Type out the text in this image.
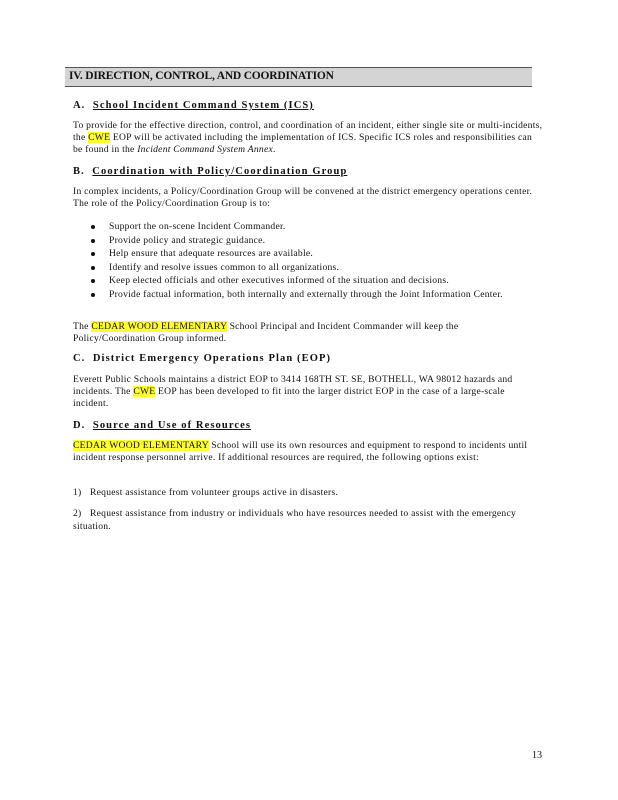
IV. DIRECTION, CONTROL, AND COORDINATION
A. School Incident Command System (ICS)
To provide for the effective direction, control, and coordination of an incident, either single site or multi-incidents, the CWE EOP will be activated including the implementation of ICS. Specific ICS roles and responsibilities can be found in the Incident Command System Annex.
B. Coordination with Policy/Coordination Group
In complex incidents, a Policy/Coordination Group will be convened at the district emergency operations center. The role of the Policy/Coordination Group is to:
Support the on-scene Incident Commander.
Provide policy and strategic guidance.
Help ensure that adequate resources are available.
Identify and resolve issues common to all organizations.
Keep elected officials and other executives informed of the situation and decisions.
Provide factual information, both internally and externally through the Joint Information Center.
The CEDAR WOOD ELEMENTARY School Principal and Incident Commander will keep the Policy/Coordination Group informed.
C. District Emergency Operations Plan (EOP)
Everett Public Schools maintains a district EOP to 3414 168TH ST. SE, BOTHELL, WA 98012 hazards and incidents. The CWE EOP has been developed to fit into the larger district EOP in the case of a large-scale incident.
D. Source and Use of Resources
CEDAR WOOD ELEMENTARY School will use its own resources and equipment to respond to incidents until incident response personnel arrive. If additional resources are required, the following options exist:
1) Request assistance from volunteer groups active in disasters.
2) Request assistance from industry or individuals who have resources needed to assist with the emergency situation.
13
